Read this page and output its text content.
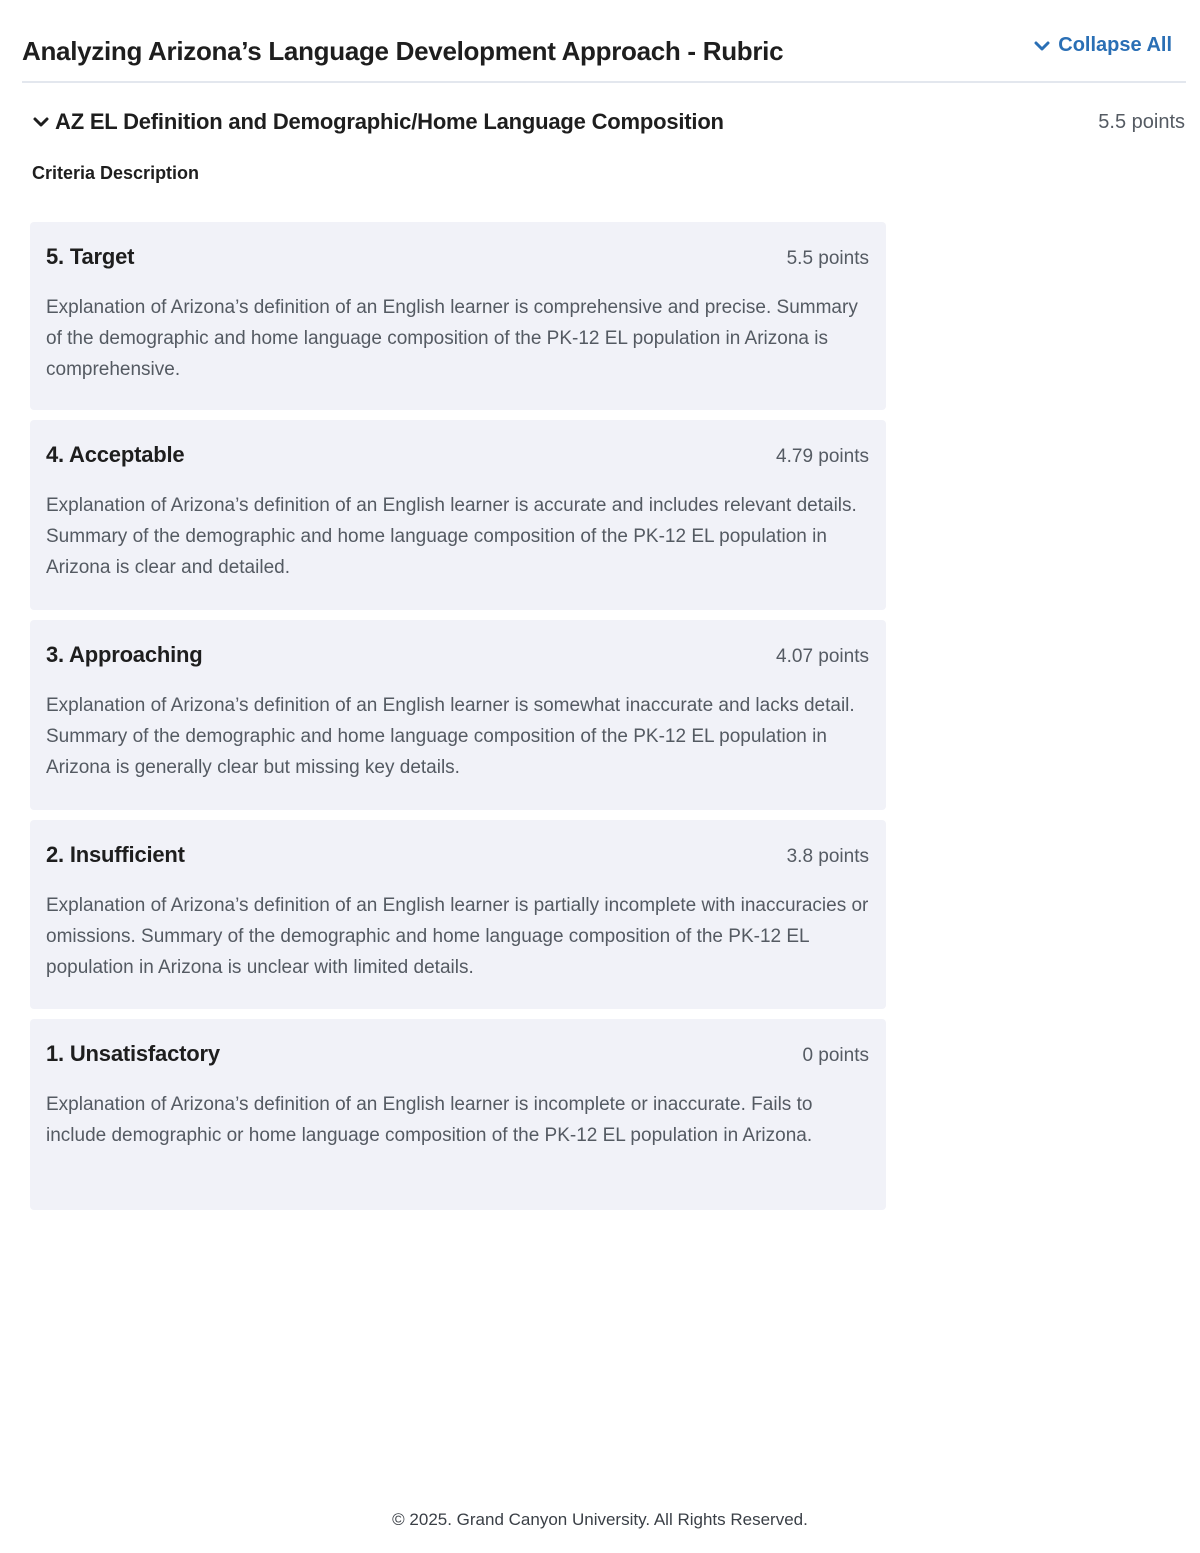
Analyzing Arizona’s Language Development Approach - Rubric	Collapse All
AZ EL Definition and Demographic/Home Language Composition	5.5 points
Criteria Description
5. Target	5.5 points
Explanation of Arizona’s definition of an English learner is comprehensive and precise. Summary of the demographic and home language composition of the PK-12 EL population in Arizona is comprehensive.
4. Acceptable	4.79 points
Explanation of Arizona’s definition of an English learner is accurate and includes relevant details. Summary of the demographic and home language composition of the PK-12 EL population in Arizona is clear and detailed.
3. Approaching	4.07 points
Explanation of Arizona’s definition of an English learner is somewhat inaccurate and lacks detail. Summary of the demographic and home language composition of the PK-12 EL population in Arizona is generally clear but missing key details.
2. Insufficient	3.8 points
Explanation of Arizona’s definition of an English learner is partially incomplete with inaccuracies or omissions. Summary of the demographic and home language composition of the PK-12 EL population in Arizona is unclear with limited details.
1. Unsatisfactory	0 points
Explanation of Arizona’s definition of an English learner is incomplete or inaccurate. Fails to include demographic or home language composition of the PK-12 EL population in Arizona.
© 2025. Grand Canyon University. All Rights Reserved.
